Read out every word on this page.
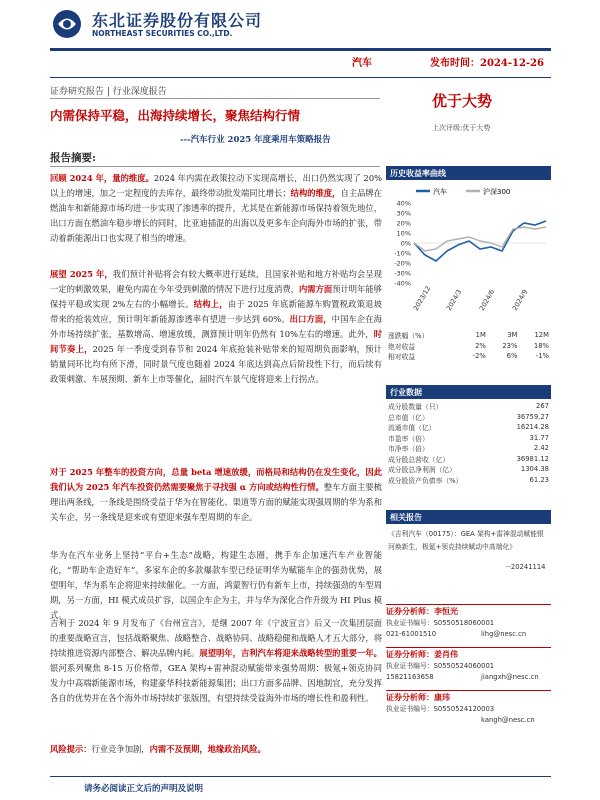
东北证券股份有限公司
NORTHEAST SECURITIES CO.,LTD.
汽车	发布时间：2024-12-26
证券研究报告 | 行业深度报告
内需保持平稳，出海持续增长，聚焦结构行情
---汽车行业 2025 年度乘用车策略报告
报告摘要:
优于大势
上次评级:优于大势
回顾 2024 年，量的维度。2024 年内需在政策拉动下实现高增长，出口仍然实现了 20%以上的增速，加之一定程度的去库存，最终带动批发端同比增长；结构的维度，自主品牌在燃油车和新能源市场均进一步实现了渗透率的提升，尤其是在新能源市场保持着领先地位，出口方面在燃油车稳步增长的同时，比亚迪插混的出海以及更多车企向海外市场的扩张，带动着新能源出口也实现了相当的增速。
展望 2025 年，我们预计补贴将会有较大概率进行延续，且国家补贴和地方补贴均会呈现一定的刺激效果，避免内需在今年受到刺激的情况下进行过度消费，内需方面预计明年能够保持平稳或实现 2%左右的小幅增长。结构上，由于 2025 年底新能源车购置税政策退坡带来的抢装效应，预计明年新能源渗透率有望进一步达到 60%。出口方面，中国车企在海外市场持续扩张，基数增高、增速放缓，测算预计明年仍然有 10%左右的增速。此外，时间节奏上，2025 年一季度受到春节和 2024 年底抢装补贴带来的短周期负面影响，预计销量同环比均有所下滑，同时景气度也随着 2024 年底达到高点后阶段性下行，而后续有政策刺激、车展预期、新车上市等催化，届时汽车景气度将迎来上行拐点。
对于 2025 年整车的投资方向，总量 beta 增速放缓，而格局和结构仍在发生变化，因此我们认为 2025 年汽车投资仍然需要聚焦于寻找强 α 方向或结构性行情。整车方面主要梳理出两条线，一条线是围绕受益于华为在智能化、渠道等方面的赋能实现强周期的华为系和关车企，另一条线是迎来或有望迎来强车型周期的车企。
华为在汽车业务上坚持“平台+生态”战略，构建生态圈，携手车企加速汽车产业智能化，“帮助车企造好车”。多家车企的多款爆款车型已经证明华为赋能车企的强劲优势，展望明年，华为系车企将迎来持续催化。一方面，鸿蒙智行仍有新车上市，持续强劲的车型周期，另一方面，HI 模式成员扩容，以国企车企为主，并与华为深化合作升级为 HI Plus 模式。
吉利于 2024 年 9 月发布了《台州宣言》，是继 2007 年《宁波宣言》后又一次集团层面的重要战略宣言，包括战略聚焦、战略整合、战略协同、战略稳健和战略人才五大部分，将持续推进资源内部整合、解决品牌内耗。展望明年，吉利汽车将迎来战略转型的重要一年。银河系列聚焦 8-15 万价格带，GEA 架构+雷神混动赋能带来强势周期：极氪+领克协同发力中高端新能源市场，构建豪华科技新能源集团；出口方面多品牌、因地制宜，充分发挥各自的优势并在各个海外市场持续扩张版图，有望持续受益海外市场的增长性和盈利性。
风险提示：行业竞争加剧，内需不及预期，地缘政治风险。
历史收益率曲线
汽车	沪深300
40%
30%
20%
10%
0%
-10%
-20%
-30%
-40%
2023/12 2024/3 2024/6 2024/9
涨跌幅（%）	1M	3M	12M
绝对收益	2%	23%	18%
相对收益	-2%	6%	-1%
行业数据
成分股数量（只）	267
总市值（亿）	36759.27
流通市值（亿）	16214.28
市盈率（倍）	31.77
市净率（倍）	2.42
成分股总营收（亿）	36981.12
成分股总净利润（亿）	1304.38
成分股资产负债率（%）	61.23
相关报告
《吉利汽车（00175）：GEA 架构+雷神混动赋能银河焕新生，极氪+领克持续赋动中高端化》
--20241114
证券分析师：李恒光
执业证书编号：S0550518060001
021-61001510	lihg@nesc.cn
证券分析师：姜肖伟
执业证书编号：S0550524060001
15821163658	jiangxh@nesc.cn
证券分析师：康玮
执业证书编号：S0550524120003

kangh@nesc.cn
请务必阅读正文后的声明及说明
